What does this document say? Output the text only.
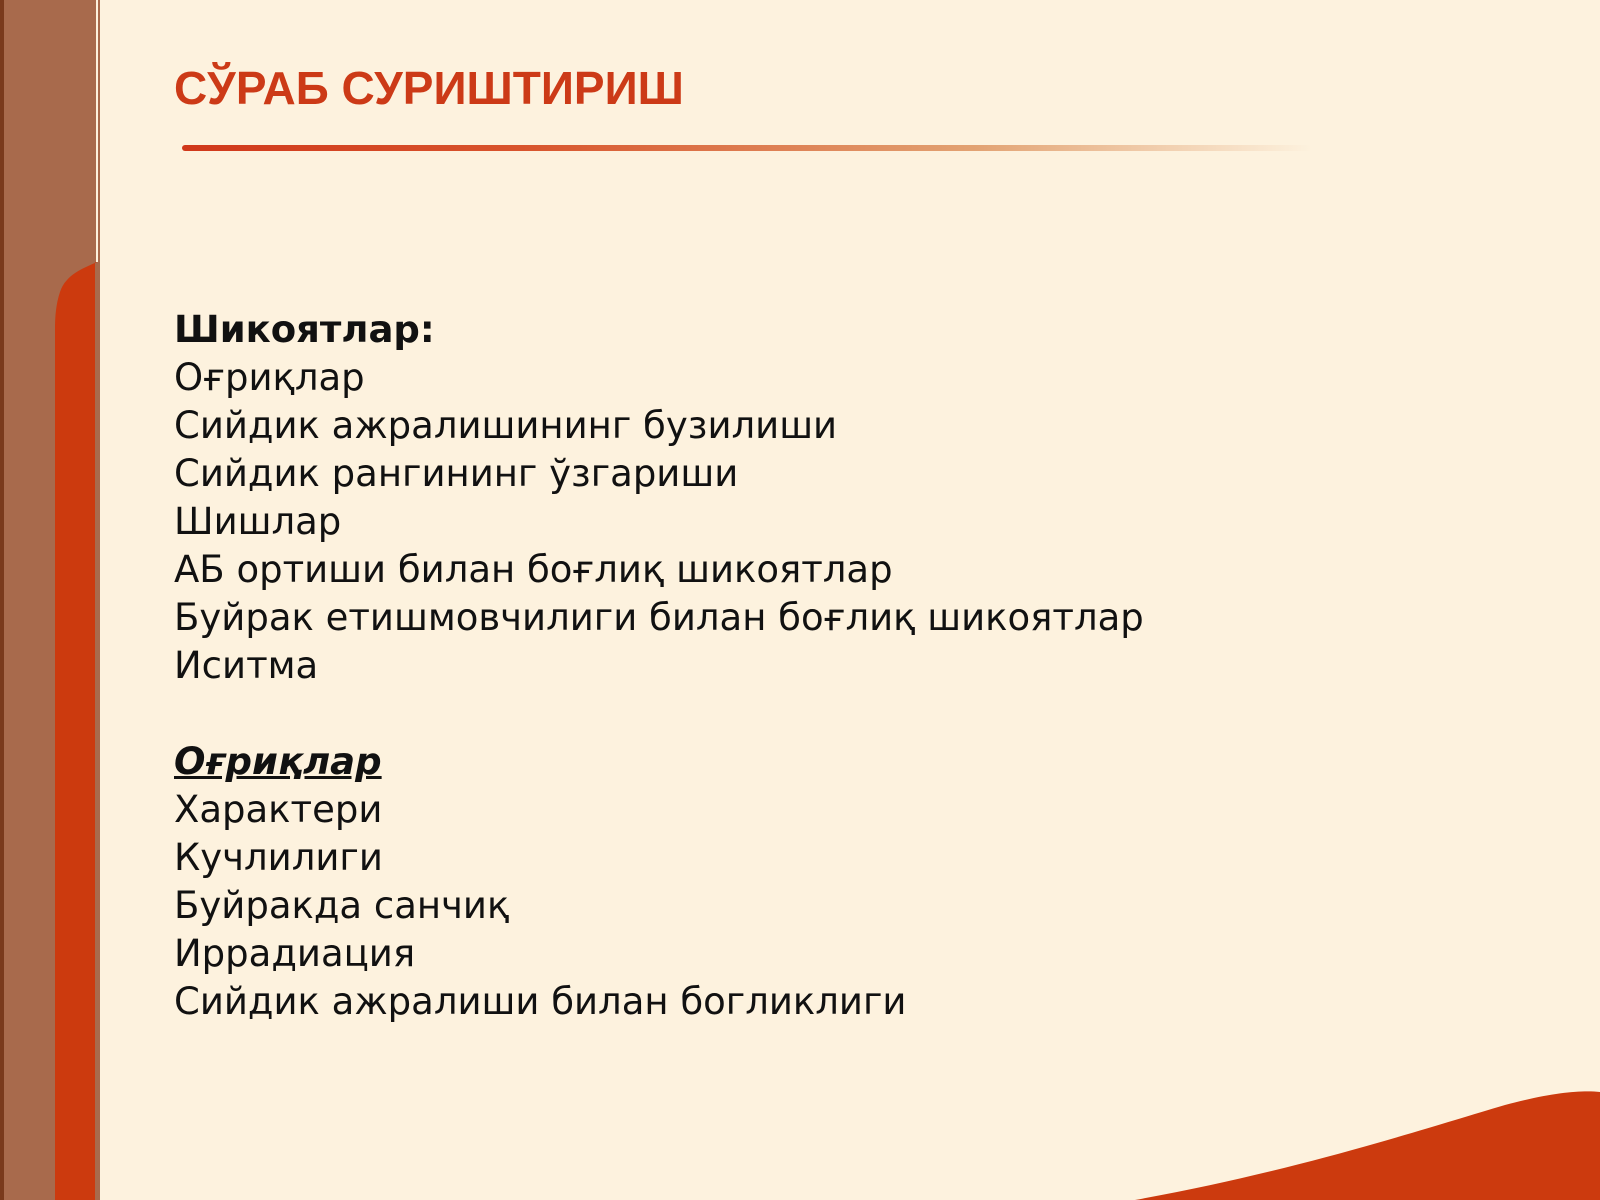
СЎРАБ СУРИШТИРИШ
Шикоятлар:
Оғриқлар
Сийдик ажралишининг бузилиши
Сийдик рангининг ўзгариши
Шишлар
АБ ортиши билан боғлиқ шикоятлар
Буйрак етишмовчилиги билан боғлиқ шикоятлар
Иситма
Оғриқлар
Характери
Кучлилиги
Буйракда санчиқ
Иррадиация
Сийдик ажралиши билан богликлиги
